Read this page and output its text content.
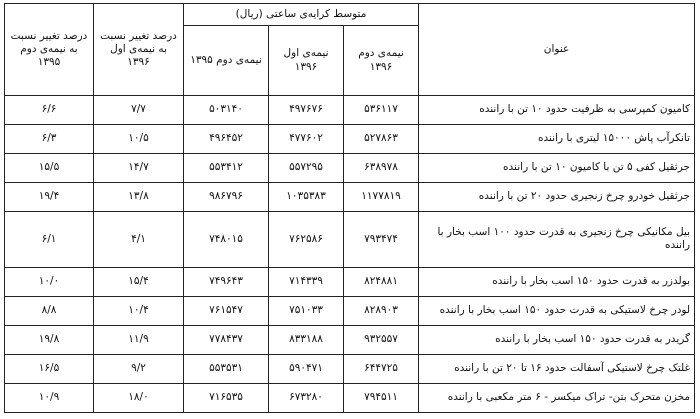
عنوان	متوسط کرایه‌ی ساعتی (ریال)			درصد تغییر نسبت به نیمه‌ی اول ۱۳۹۶	درصد تغییر نسبت به نیمه‌ی دوم ۱۳۹۵
	نیمه‌ی دوم ۱۳۹۶	نیمه‌ی اول ۱۳۹۶	نیمه‌ی دوم ۱۳۹۵		
کامیون کمپرسی به ظرفیت حدود ۱۰ تن با راننده	۵۳۶۱۱۷	۴۹۷۶۷۶	۵۰۳۱۴۰	۷/۷	۶/۶
تانکرآب پاش ۱۵۰۰۰ لیتری با راننده	۵۲۷۸۶۳	۴۷۷۶۰۲	۴۹۶۴۵۲	۱۰/۵	۶/۳
جرثقیل کفی ۵ تن با کامیون ۱۰ تن با راننده	۶۳۸۹۷۸	۵۵۷۲۹۵	۵۵۳۴۱۲	۱۴/۷	۱۵/۵
جرثقیل خودرو چرخ زنجیری حدود ۲۰ تن با راننده	۱۱۷۷۸۱۹	۱۰۳۵۳۸۳	۹۸۶۷۹۶	۱۳/۸	۱۹/۴
بیل مکانیکی چرخ زنجیری به قدرت حدود ۱۰۰ اسب بخار با راننده	۷۹۳۴۷۴	۷۶۲۵۸۶	۷۴۸۰۱۵	۴/۱	۶/۱
بولدزر به قدرت حدود ۱۵۰ اسب بخار با راننده	۸۲۴۸۸۱	۷۱۴۳۳۹	۷۴۹۶۴۳	۱۵/۴	۱۰/۰
لودر چرخ لاستیکی به قدرت حدود ۱۵۰ اسب بخار با راننده	۸۲۸۹۰۳	۷۵۱۰۳۳	۷۶۱۵۴۷	۱۰/۴	۸/۸
گریدر به قدرت حدود ۱۵۰ اسب بخار با راننده	۹۳۲۵۵۷	۸۳۳۱۸۸	۷۷۸۴۳۷	۱۱/۹	۱۹/۸
غلتک چرخ لاستیکی آسفالت حدود ۱۶ تا ۲۰ تن با راننده	۶۴۴۷۲۵	۵۹۰۴۷۱	۵۵۳۵۳۱	۹/۲	۱۶/۵
مخزن متحرک بتن- تراک میکسر - ۶ متر مکعبی با راننده	۷۹۴۵۱۱	۶۷۳۲۸۰	۷۱۶۵۳۵	۱۸/۰	۱۰/۹
